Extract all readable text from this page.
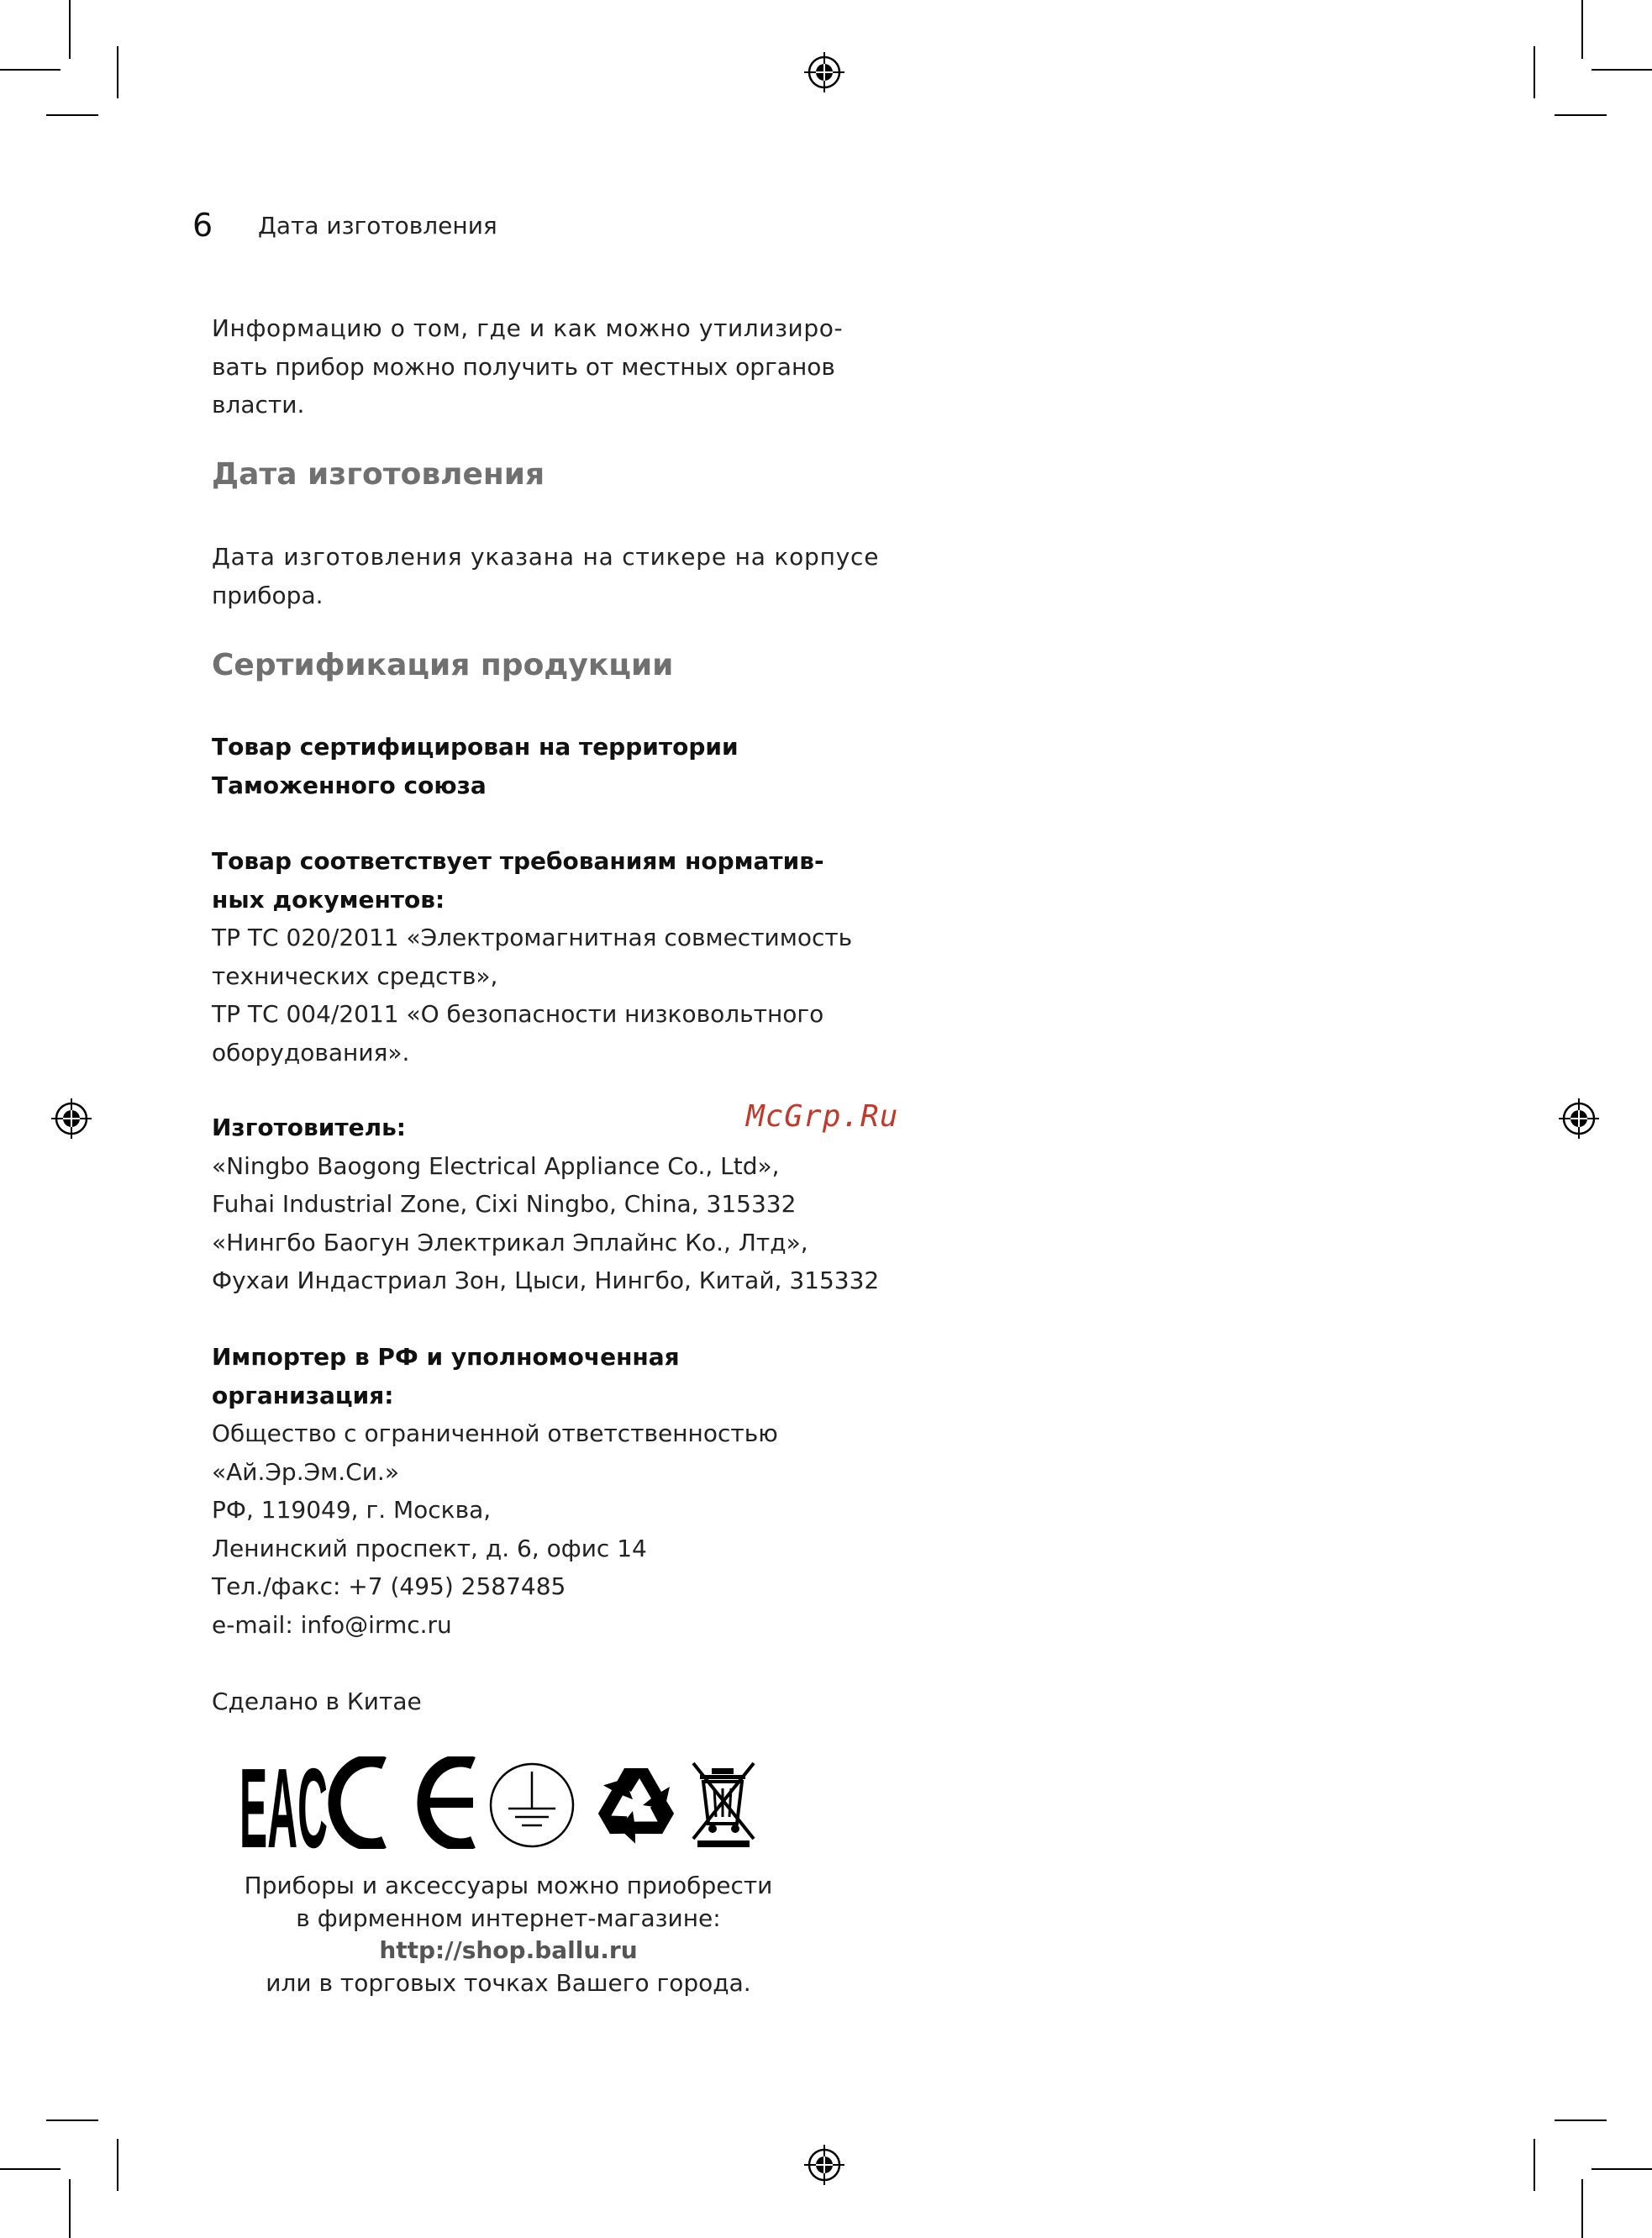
6 Дата изготовления
Информацию о том, где и как можно утилизиро-
вать прибор можно получить от местных органов
власти.
Дата изготовления
Дата изготовления указана на стикере на корпусе
прибора.
Сертификация продукции
Товар сертифицирован на территории
Таможенного союза
Товар соответствует требованиям норматив-
ных документов:
ТР ТС 020/2011 «Электромагнитная совместимость
технических средств»,
ТР ТС 004/2011 «О безопасности низковольтного
оборудования».
Изготовитель:
«Ningbo Baogong Electrical Appliance Co., Ltd»,
Fuhai Industrial Zone, Cixi Ningbo, China, 315332
«Нингбо Баогун Электрикал Эплайнс Ко., Лтд»,
Фухаи Индастриал Зон, Цыси, Нингбо, Китай, 315332
McGrp.Ru
Импортер в РФ и уполномоченная
организация:
Общество с ограниченной ответственностью
«Ай.Эр.Эм.Си.»
РФ, 119049, г. Москва,
Ленинский проспект, д. 6, офис 14
Тел./факс: +7 (495) 2587485
e-mail: info@irmc.ru
Сделано в Китае
EAC
Приборы и аксессуары можно приобрести
в фирменном интернет-магазине:
http://shop.ballu.ru
или в торговых точках Вашего города.
